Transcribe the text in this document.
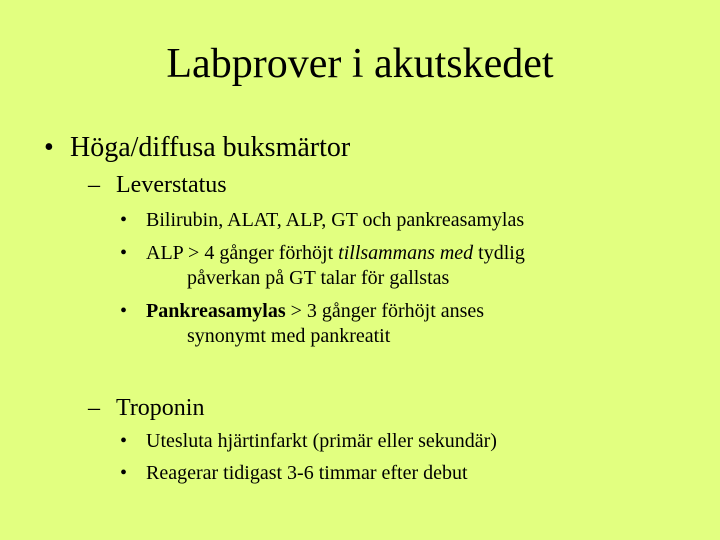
Labprover i akutskedet
• Höga/diffusa buksmärtor
– Leverstatus
• Bilirubin, ALAT, ALP, GT och pankreasamylas
• ALP > 4 gånger förhöjt tillsammans med tydlig
påverkan på GT talar för gallstas
• Pankreasamylas > 3 gånger förhöjt anses
synonymt med pankreatit
– Troponin
• Utesluta hjärtinfarkt (primär eller sekundär)
• Reagerar tidigast 3-6 timmar efter debut
